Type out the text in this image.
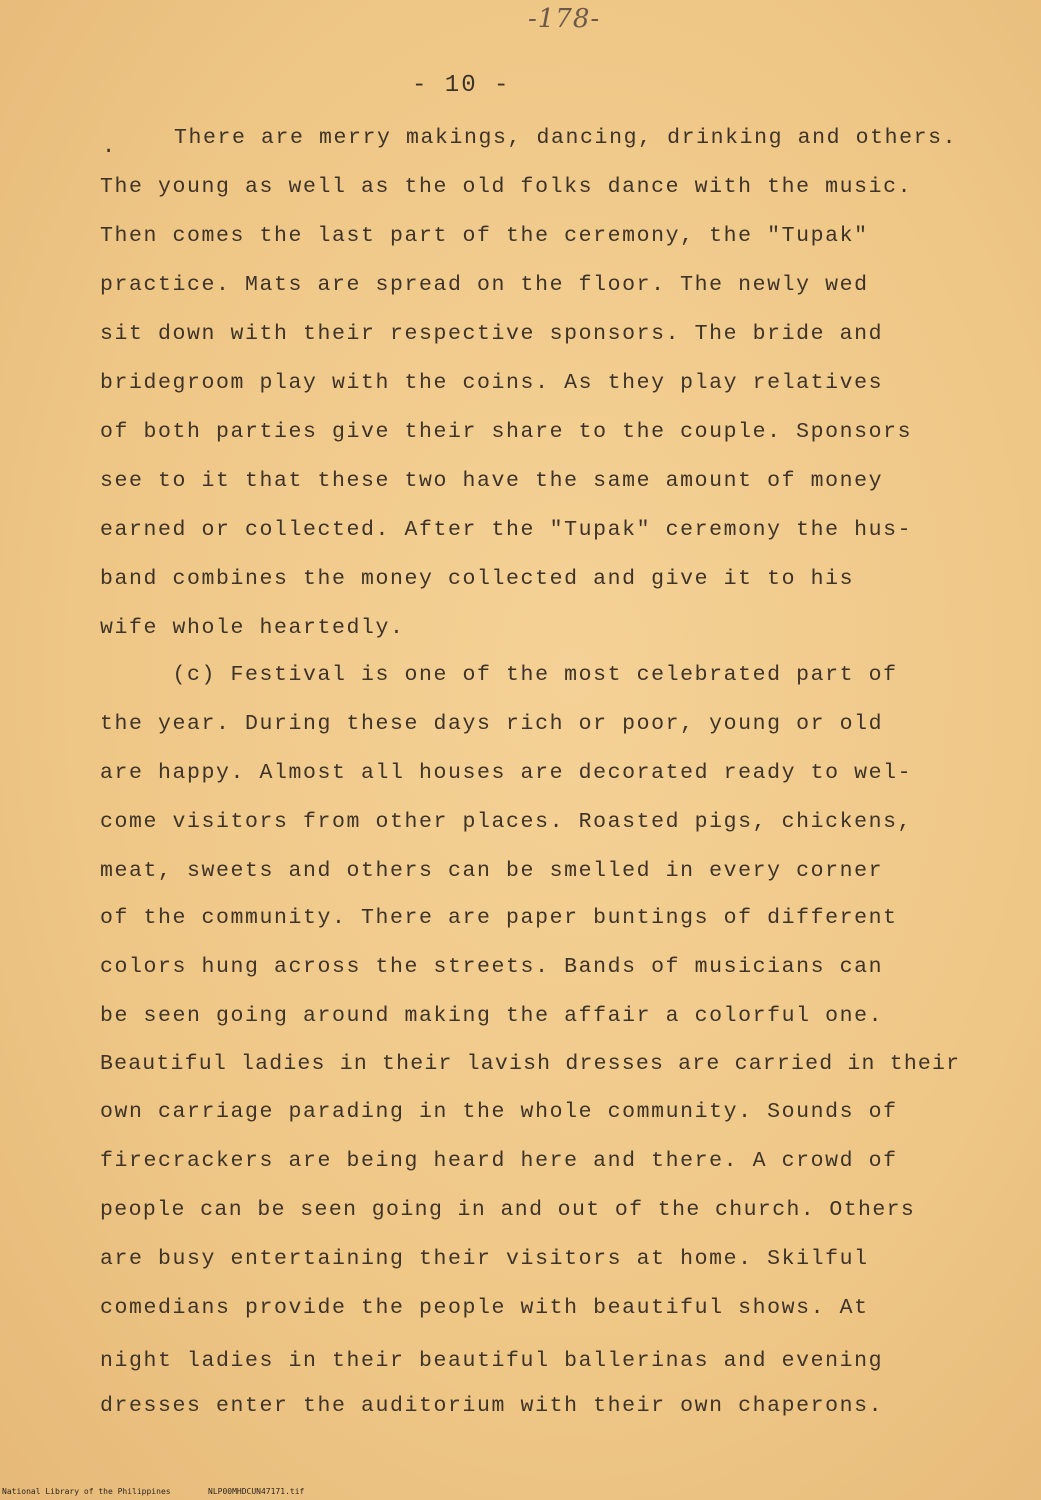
-178-
- 10 -
.	There are merry makings, dancing, drinking and others.
The young as well as the old folks dance with the music.
Then comes the last part of the ceremony, the "Tupak"
practice. Mats are spread on the floor. The newly wed
sit down with their respective sponsors. The bride and
bridegroom play with the coins. As they play relatives
of both parties give their share to the couple. Sponsors
see to it that these two have the same amount of money
earned or collected. After the "Tupak" ceremony the hus-
band combines the money collected and give it to his
wife whole heartedly.
(c) Festival is one of the most celebrated part of
the year. During these days rich or poor, young or old
are happy. Almost all houses are decorated ready to wel-
come visitors from other places. Roasted pigs, chickens,
meat, sweets and others can be smelled in every corner
of the community. There are paper buntings of different
colors hung across the streets. Bands of musicians can
be seen going around making the affair a colorful one.
Beautiful ladies in their lavish dresses are carried in their
own carriage parading in the whole community. Sounds of
firecrackers are being heard here and there. A crowd of
people can be seen going in and out of the church. Others
are busy entertaining their visitors at home. Skilful
comedians provide the people with beautiful shows. At
night ladies in their beautiful ballerinas and evening
dresses enter the auditorium with their own chaperons.
National Library of the Philippines	NLP00MHDCUN47171.tif
